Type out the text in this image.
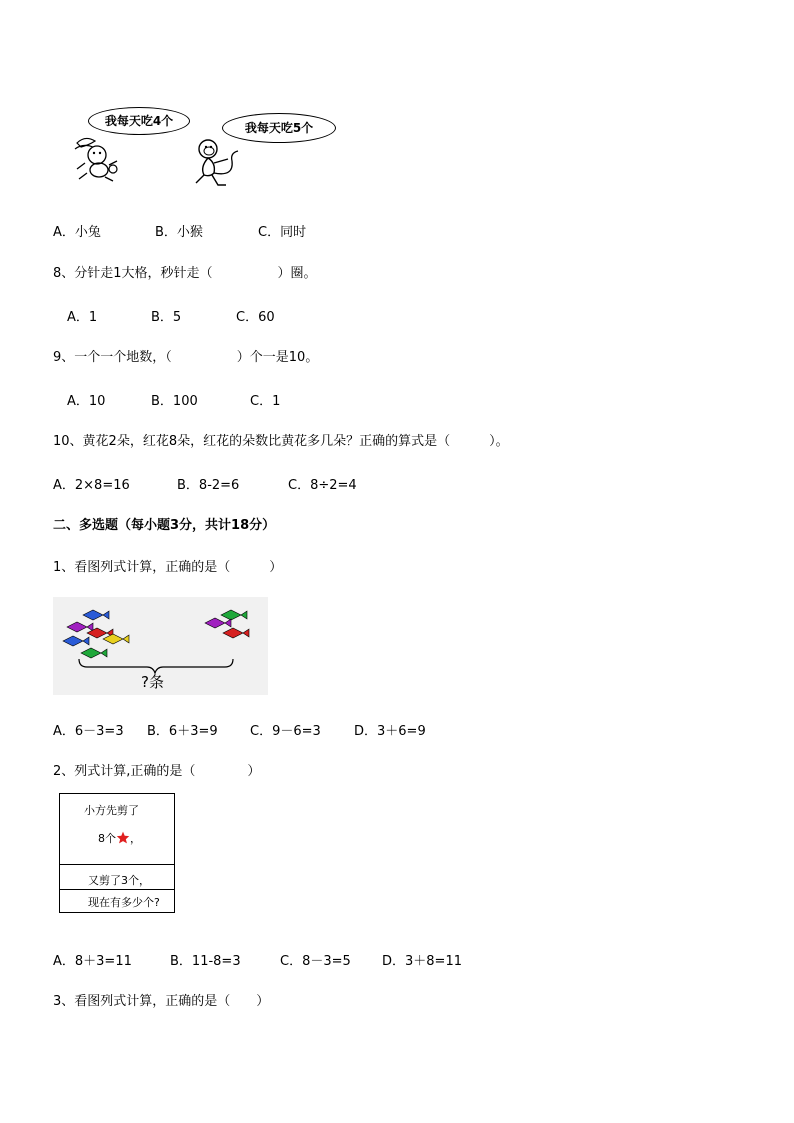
我每天吃4个	我每天吃5个
A．小兔	B．小猴	C．同时
8、分针走1大格，秒针走（　　　　　）圈。
A．1	B．5	C．60
9、一个一个地数，（　　　　　）个一是10。
A．10	B．100	C．1
10、黄花2朵，红花8朵，红花的朵数比黄花多几朵？正确的算式是（　　　）。
A．2×8=16	B．8-2=6	C．8÷2=4
二、多选题（每小题3分，共计18分）
1、看图列式计算，正确的是（　　　）
?条
A．6－3=3 B．6＋3=9 C．9－6=3	D．3＋6=9
2、列式计算,正确的是（　　　　）
小方先剪了
8个 ，
又剪了3个，
现在有多少个?
A．8＋3=11	B．11-8=3	C．8－3=5 D．3＋8=11
3、看图列式计算，正确的是（　　）
